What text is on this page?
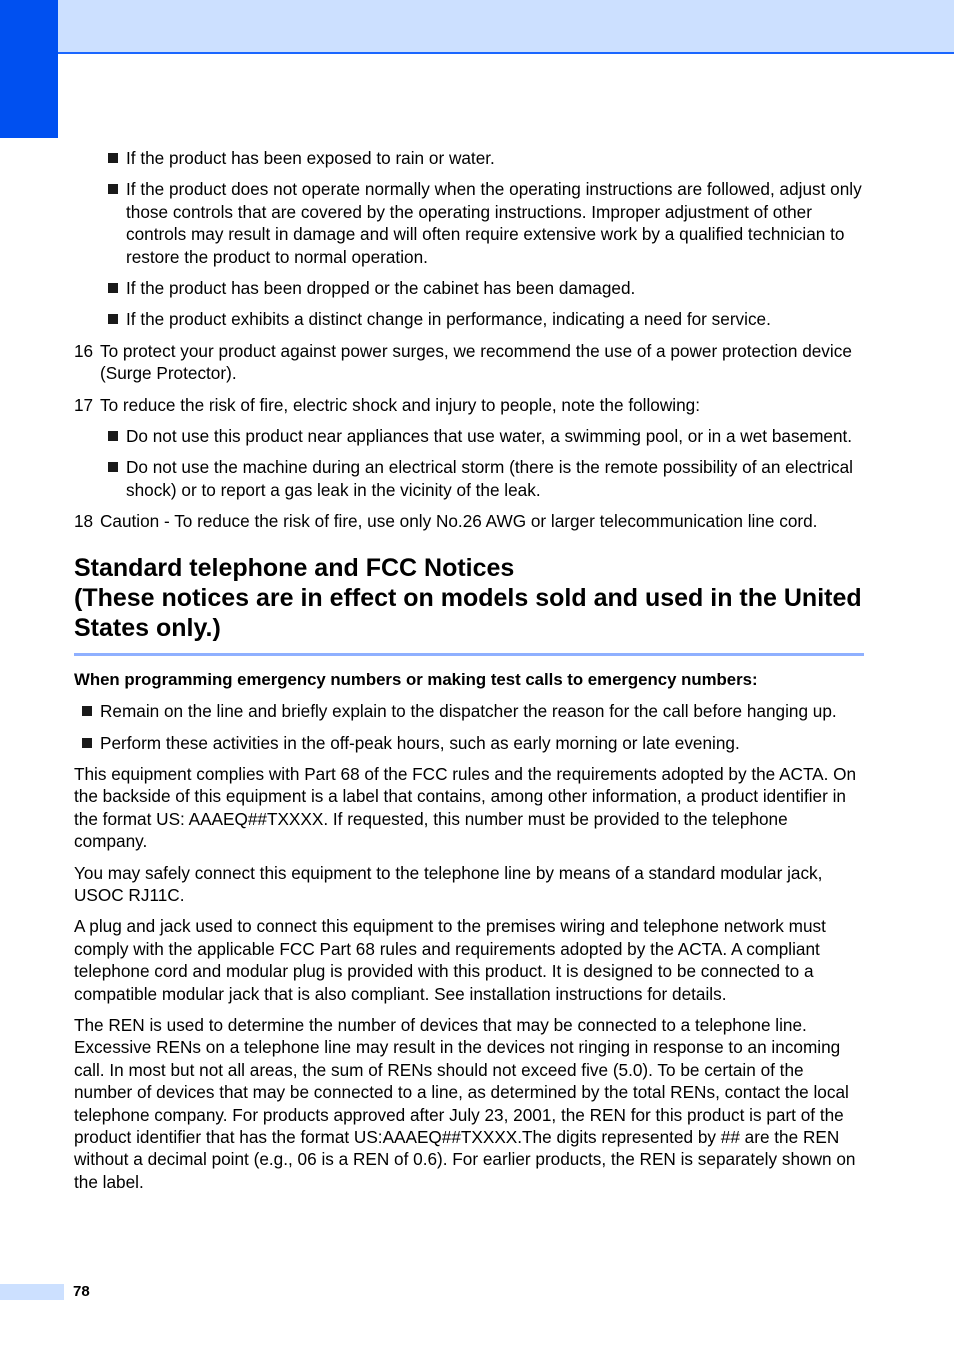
If the product has been exposed to rain or water.
If the product does not operate normally when the operating instructions are followed, adjust only those controls that are covered by the operating instructions. Improper adjustment of other controls may result in damage and will often require extensive work by a qualified technician to restore the product to normal operation.
If the product has been dropped or the cabinet has been damaged.
If the product exhibits a distinct change in performance, indicating a need for service.
16 To protect your product against power surges, we recommend the use of a power protection device (Surge Protector).
17 To reduce the risk of fire, electric shock and injury to people, note the following:
Do not use this product near appliances that use water, a swimming pool, or in a wet basement.
Do not use the machine during an electrical storm (there is the remote possibility of an electrical shock) or to report a gas leak in the vicinity of the leak.
18 Caution - To reduce the risk of fire, use only No.26 AWG or larger telecommunication line cord.
Standard telephone and FCC Notices
(These notices are in effect on models sold and used in the United States only.)
When programming emergency numbers or making test calls to emergency numbers:
Remain on the line and briefly explain to the dispatcher the reason for the call before hanging up.
Perform these activities in the off-peak hours, such as early morning or late evening.

This equipment complies with Part 68 of the FCC rules and the requirements adopted by the ACTA. On the backside of this equipment is a label that contains, among other information, a product identifier in the format US: AAAEQ##TXXXX. If requested, this number must be provided to the telephone company.

You may safely connect this equipment to the telephone line by means of a standard modular jack, USOC RJ11C.

A plug and jack used to connect this equipment to the premises wiring and telephone network must comply with the applicable FCC Part 68 rules and requirements adopted by the ACTA. A compliant telephone cord and modular plug is provided with this product. It is designed to be connected to a compatible modular jack that is also compliant. See installation instructions for details.

The REN is used to determine the number of devices that may be connected to a telephone line. Excessive RENs on a telephone line may result in the devices not ringing in response to an incoming call. In most but not all areas, the sum of RENs should not exceed five (5.0). To be certain of the number of devices that may be connected to a line, as determined by the total RENs, contact the local telephone company. For products approved after July 23, 2001, the REN for this product is part of the product identifier that has the format US:AAAEQ##TXXXX.The digits represented by ## are the REN without a decimal point (e.g., 06 is a REN of 0.6). For earlier products, the REN is separately shown on the label.

78
